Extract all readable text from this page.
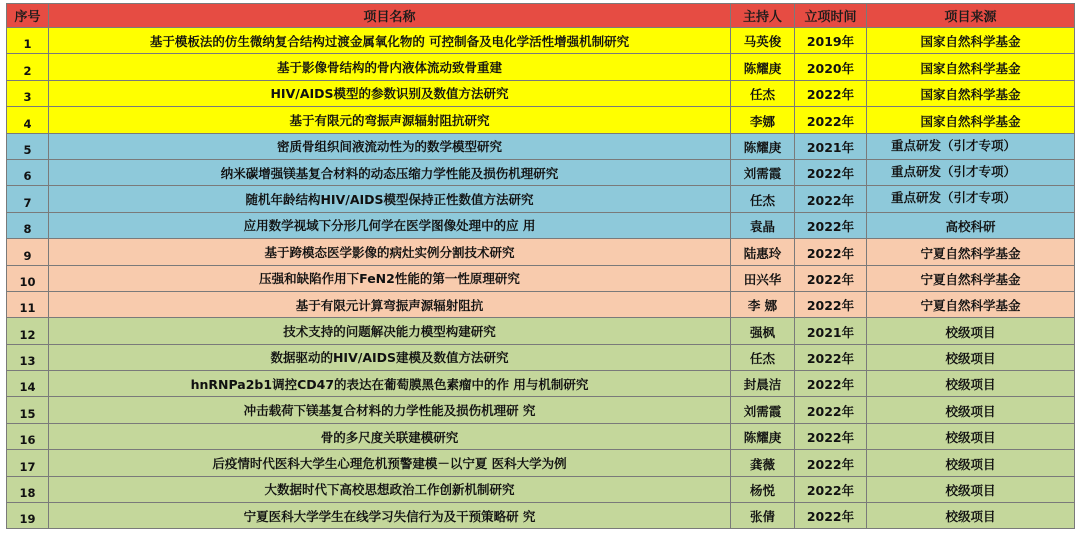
序号	项目名称	主持人	立项时间	项目来源
1	基于模板法的仿生微纳复合结构过渡金属氧化物的 可控制备及电化学活性增强机制研究	马英俊	2019年	国家自然科学基金
2	基于影像骨结构的骨内液体流动致骨重建	陈耀庚	2020年	国家自然科学基金
3	HIV/AIDS模型的参数识别及数值方法研究	任杰	2022年	国家自然科学基金
4	基于有限元的弯振声源辐射阻抗研究	李娜	2022年	国家自然科学基金
5	密质骨组织间液流动性为的数学模型研究	陈耀庚	2021年	重点研发（引才专项）
6	纳米碳增强镁基复合材料的动态压缩力学性能及损伤机理研究	刘需霞	2022年	重点研发（引才专项）
7	随机年龄结构HIV/AIDS模型保持正性数值方法研究	任杰	2022年	重点研发（引才专项）
8	应用数学视域下分形几何学在医学图像处理中的应 用	袁晶	2022年	高校科研
9	基于跨模态医学影像的病灶实例分割技术研究	陆惠玲	2022年	宁夏自然科学基金
10	压强和缺陷作用下FeN2性能的第一性原理研究	田兴华	2022年	宁夏自然科学基金
11	基于有限元计算弯振声源辐射阻抗	李 娜	2022年	宁夏自然科学基金
12	技术支持的问题解决能力模型构建研究	强枫	2021年	校级项目
13	数据驱动的HIV/AIDS建模及数值方法研究	任杰	2022年	校级项目
14	hnRNPa2b1调控CD47的表达在葡萄膜黑色素瘤中的作 用与机制研究	封晨洁	2022年	校级项目
15	冲击载荷下镁基复合材料的力学性能及损伤机理研 究	刘需霞	2022年	校级项目
16	骨的多尺度关联建模研究	陈耀庚	2022年	校级项目
17	后疫情时代医科大学生心理危机预警建模－以宁夏 医科大学为例	龚薇	2022年	校级项目
18	大数据时代下高校思想政治工作创新机制研究	杨悦	2022年	校级项目
19	宁夏医科大学学生在线学习失信行为及干预策略研 究	张倩	2022年	校级项目
